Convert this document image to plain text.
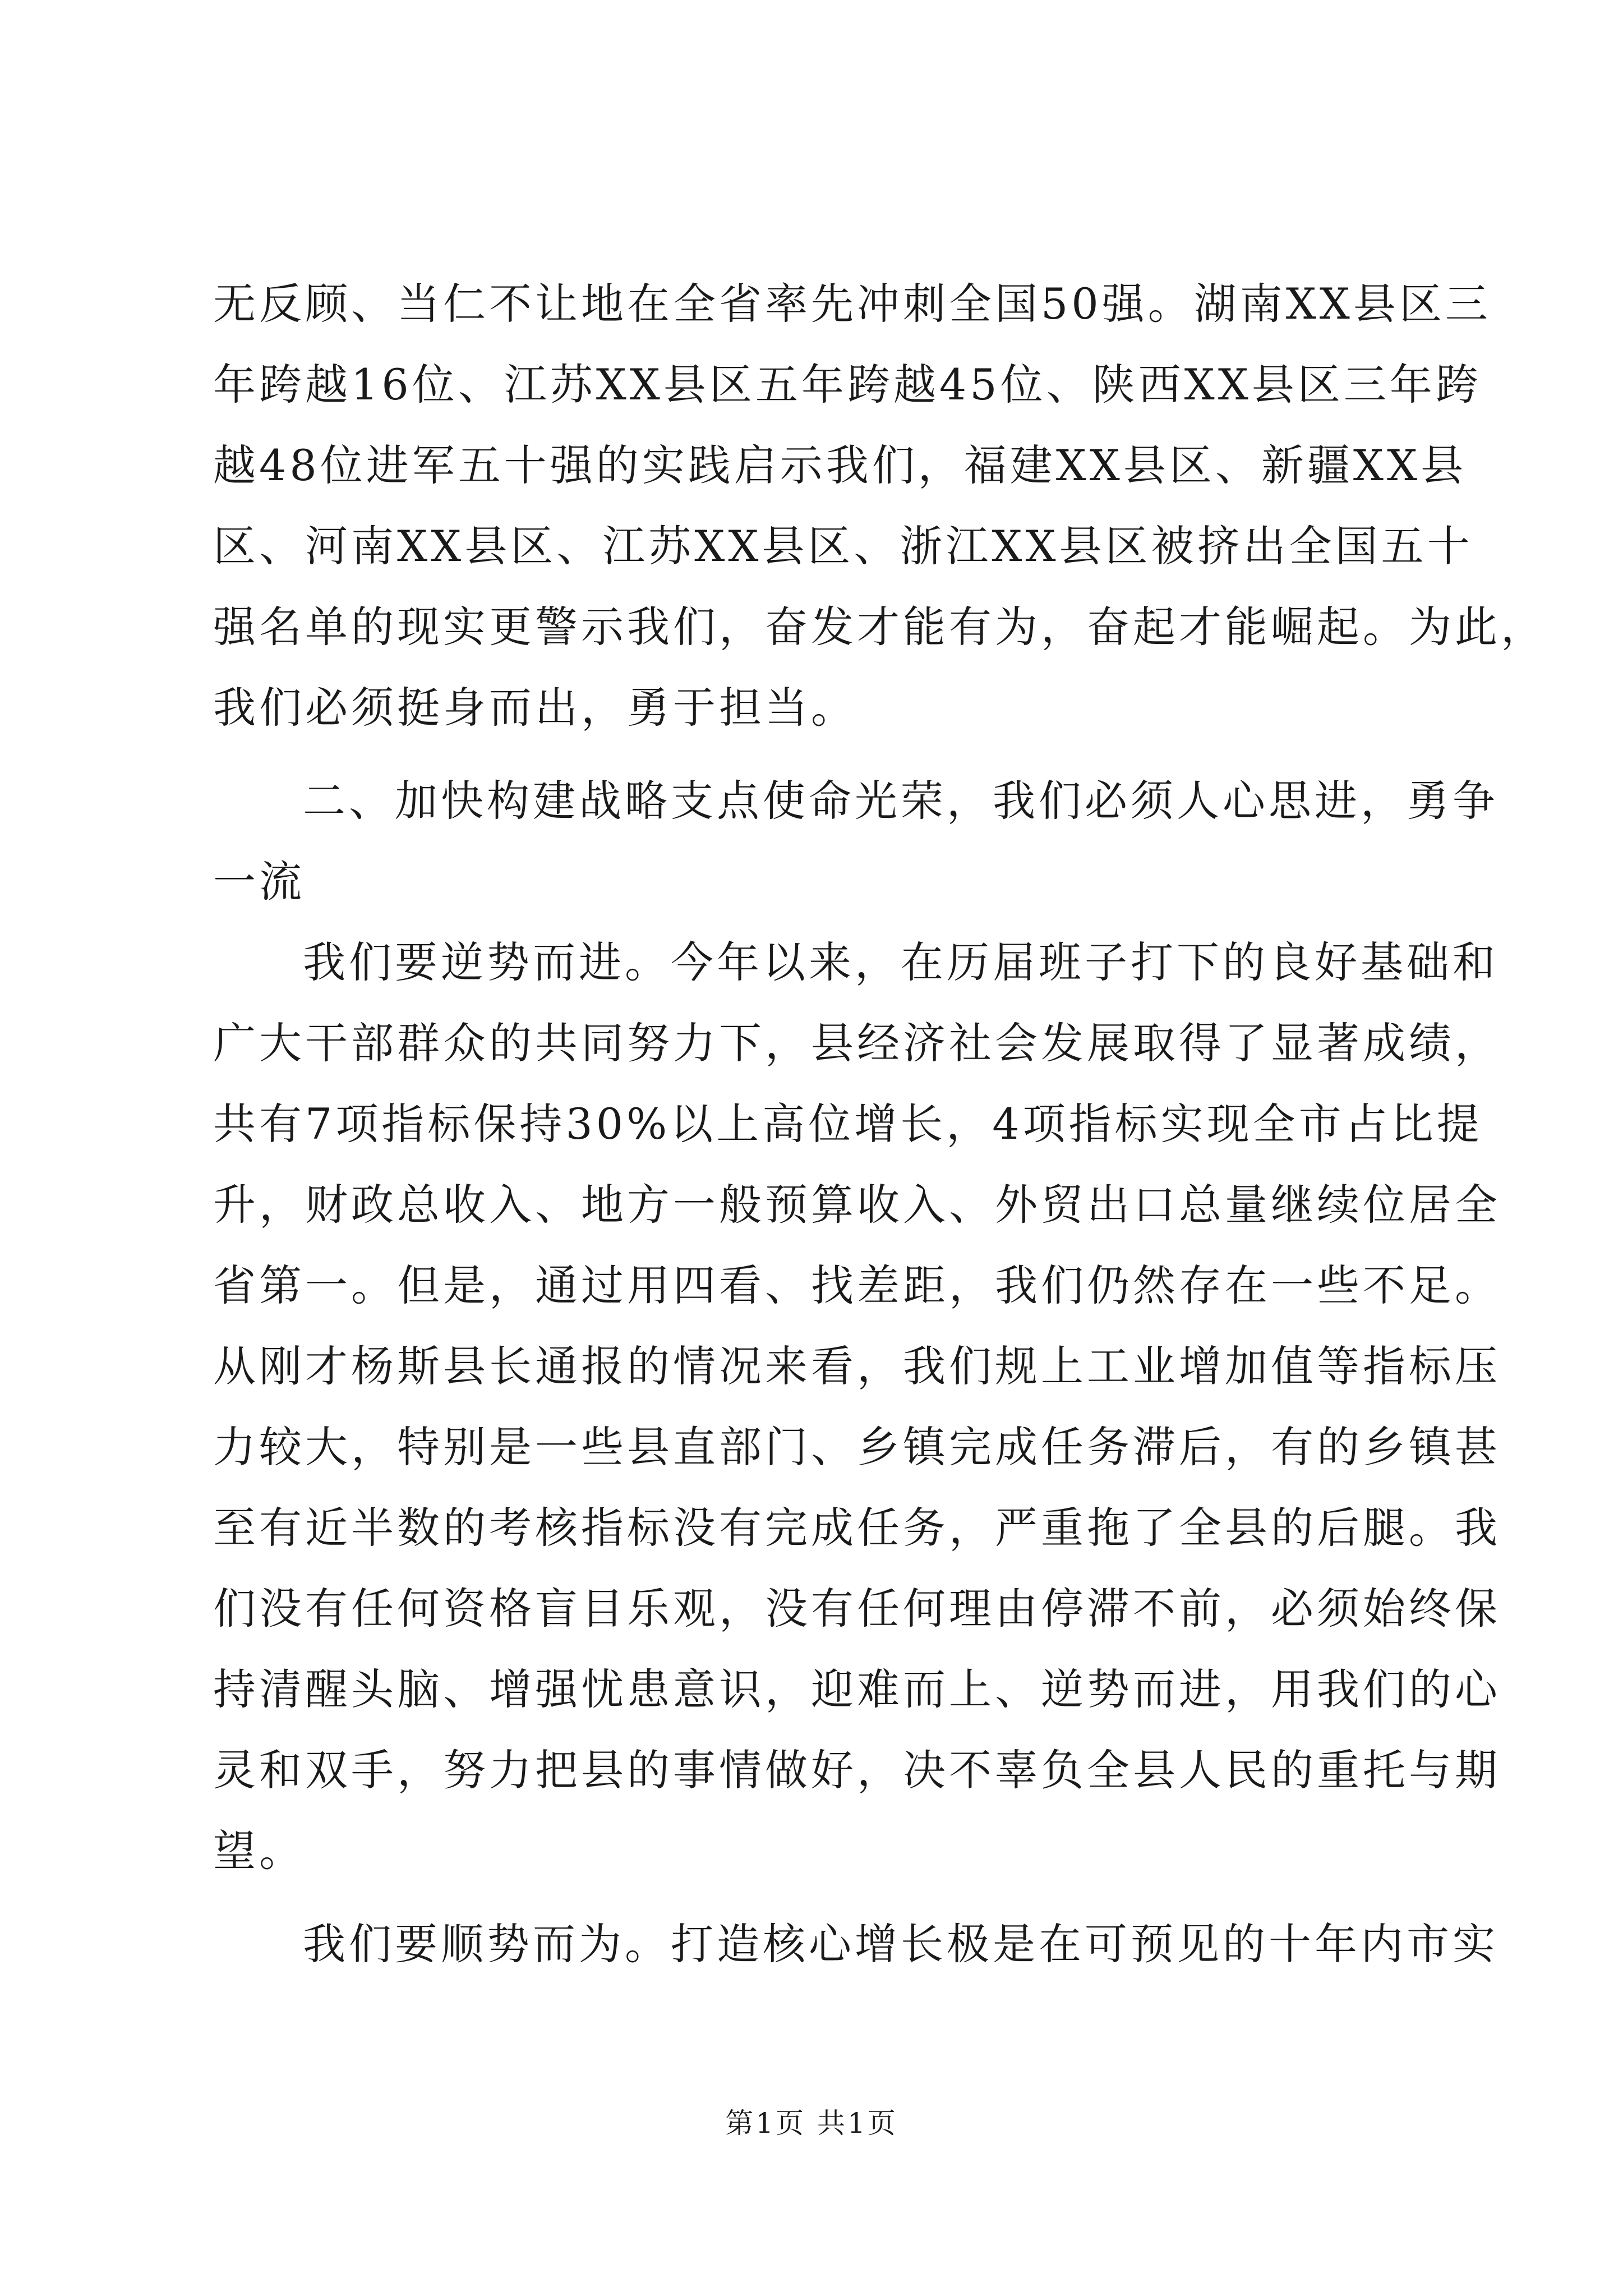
无反顾、当仁不让地在全省率先冲刺全国50强。湖南XX县区三
年跨越16位、江苏XX县区五年跨越45位、陕西XX县区三年跨
越48位进军五十强的实践启示我们，福建XX县区、新疆XX县
区、河南XX县区、江苏XX县区、浙江XX县区被挤出全国五十
强名单的现实更警示我们，奋发才能有为，奋起才能崛起。为此，
我们必须挺身而出，勇于担当。
二、加快构建战略支点使命光荣，我们必须人心思进，勇争
一流
我们要逆势而进。今年以来，在历届班子打下的良好基础和
广大干部群众的共同努力下，县经济社会发展取得了显著成绩，
共有7项指标保持30%以上高位增长，4项指标实现全市占比提
升，财政总收入、地方一般预算收入、外贸出口总量继续位居全
省第一。但是，通过用四看、找差距，我们仍然存在一些不足。
从刚才杨斯县长通报的情况来看，我们规上工业增加值等指标压
力较大，特别是一些县直部门、乡镇完成任务滞后，有的乡镇甚
至有近半数的考核指标没有完成任务，严重拖了全县的后腿。我
们没有任何资格盲目乐观，没有任何理由停滞不前，必须始终保
持清醒头脑、增强忧患意识，迎难而上、逆势而进，用我们的心
灵和双手，努力把县的事情做好，决不辜负全县人民的重托与期
望。
我们要顺势而为。打造核心增长极是在可预见的十年内市实
第1页 共1页
